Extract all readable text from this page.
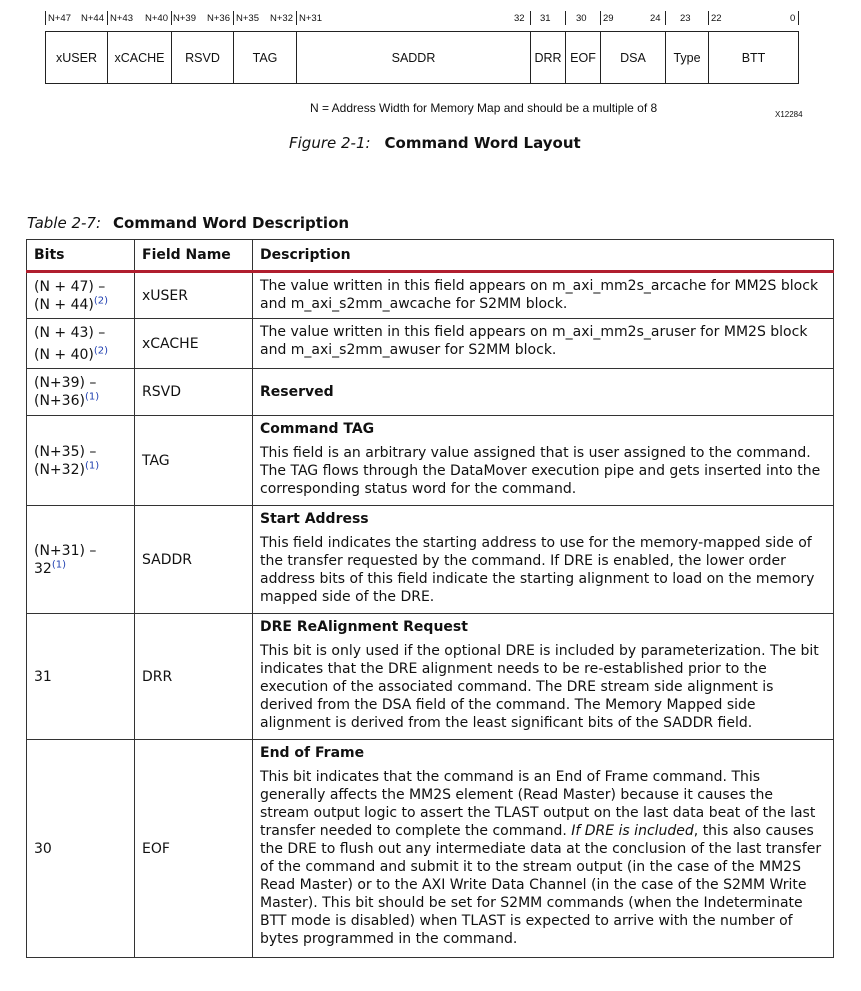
N+47 N+44 N+43 N+40 N+39 N+36 N+35 N+32 N+31	32 31	30 29	24 23 22	0
xUSER	xCACHE	RSVD	TAG	SADDR	DRR EOF	DSA	Type	BTT
N = Address Width for Memory Map and should be a multiple of 8	X12284
Figure 2-1: Command Word Layout
Table 2-7: Command Word Description
Bits	Field Name	Description
(N + 47) –
$(N + 44)^{(2)}$	xUSER	The value written in this field appears on m_axi_mm2s_arcache for MM2S block and m_axi_s2mm_awcache for S2MM block.
(N + 43) –
$(N + 40)^{(2)}$	xCACHE	The value written in this field appears on m_axi_mm2s_aruser for MM2S block and m_axi_s2mm_awuser for S2MM block.
(N+39) –
$(N+36)^{(1)}$	RSVD	Reserved
(N+35) –
$(N+32)^{(1)}$	TAG	Command TAG
This field is an arbitrary value assigned that is user assigned to the command. The TAG flows through the DataMover execution pipe and gets inserted into the corresponding status word for the command.
(N+31) –32$^{(1)}$	SADDR	Start Address
This field indicates the starting address to use for the memory-mapped side of the transfer requested by the command. If DRE is enabled, the lower order address bits of this field indicate the starting alignment to load on the memory mapped side of the DRE.
31	DRR	DRE ReAlignment Request
This bit is only used if the optional DRE is included by parameterization. The bit indicates that the DRE alignment needs to be re-established prior to the execution of the associated command. The DRE stream side alignment is derived from the DSA field of the command. The Memory Mapped side alignment is derived from the least significant bits of the SADDR field.
30	EOF	End of Frame
This bit indicates that the command is an End of Frame command. This generally affects the MM2S element (Read Master) because it causes the stream output logic to assert the TLAST output on the last data beat of the last transfer needed to complete the command. If DRE is included, this also causes the DRE to flush out any intermediate data at the conclusion of the last transfer of the command and submit it to the stream output (in the case of the MM2S Read Master) or to the AXI Write Data Channel (in the case of the S2MM Write Master). This bit should be set for S2MM commands (when the Indeterminate BTT mode is disabled) when TLAST is expected to arrive with the number of bytes programmed in the command.
